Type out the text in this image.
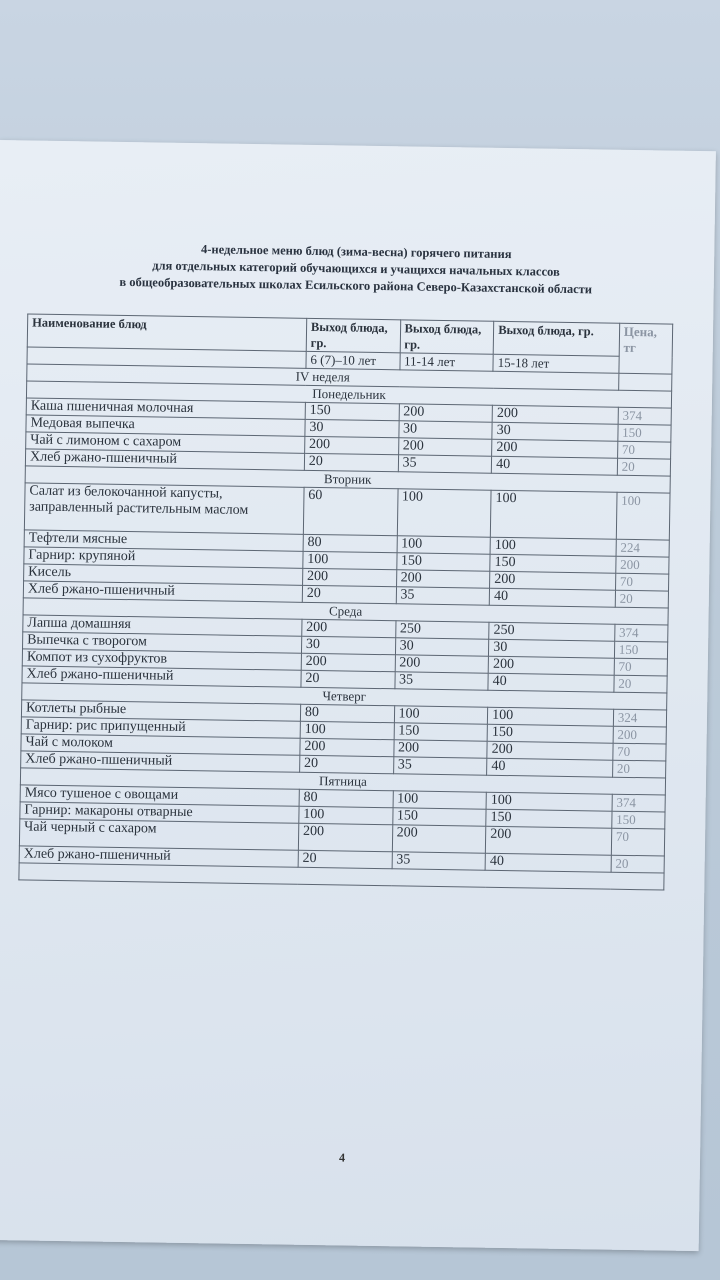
4-недельное меню блюд (зима-весна) горячего питания
для отдельных категорий обучающихся и учащихся начальных классов
в общеобразовательных школах Есильского района Северо-Казахстанской области
Наименование блюд	Выход блюда, гр.	Выход блюда, гр.	Выход блюда, гр.	Цена, тг
	6 (7)–10 лет	11-14 лет	15-18 лет	
IV неделя				
Понедельник				
Каша пшеничная молочная	150	200	200	374
Медовая выпечка	30	30	30	150
Чай с лимоном с сахаром	200	200	200	70
Хлеб ржано-пшеничный	20	35	40	20
Вторник				
Салат из белокочанной капусты, заправленный растительным маслом	60	100	100	100
Тефтели мясные	80	100	100	224
Гарнир: крупяной	100	150	150	200
Кисель	200	200	200	70
Хлеб ржано-пшеничный	20	35	40	20
Среда				
Лапша домашняя	200	250	250	374
Выпечка с творогом	30	30	30	150
Компот из сухофруктов	200	200	200	70
Хлеб ржано-пшеничный	20	35	40	20
Четверг				
Котлеты рыбные	80	100	100	324
Гарнир: рис припущенный	100	150	150	200
Чай с молоком	200	200	200	70
Хлеб ржано-пшеничный	20	35	40	20
Пятница				
Мясо тушеное с овощами	80	100	100	374
Гарнир: макароны отварные	100	150	150	150
Чай черный с сахаром	200	200	200	70
Хлеб ржано-пшеничный	20	35	40	20

4
